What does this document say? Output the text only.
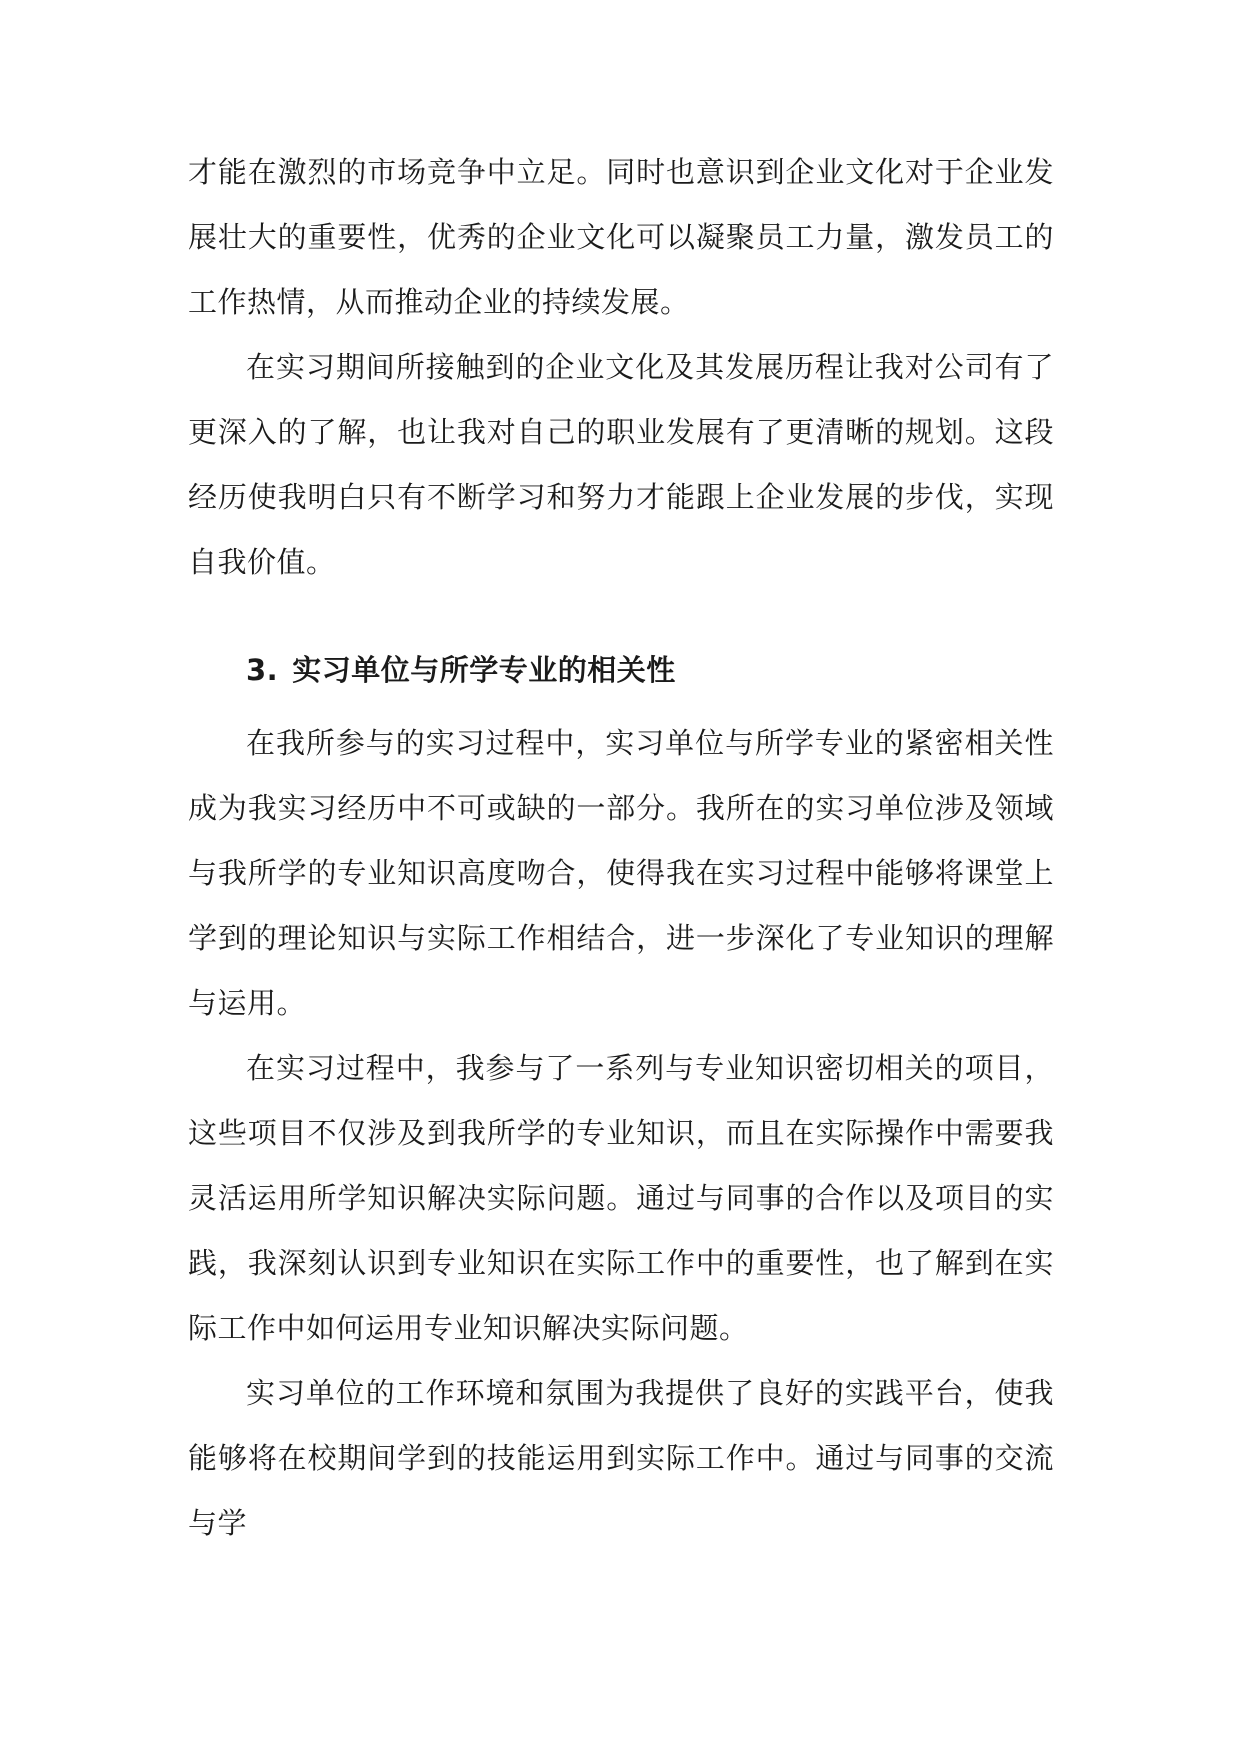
才能在激烈的市场竞争中立足。同时也意识到企业文化对于企业发展壮大的重要性，优秀的企业文化可以凝聚员工力量，激发员工的工作热情，从而推动企业的持续发展。

在实习期间所接触到的企业文化及其发展历程让我对公司有了更深入的了解，也让我对自己的职业发展有了更清晰的规划。这段经历使我明白只有不断学习和努力才能跟上企业发展的步伐，实现自我价值。

3. 实习单位与所学专业的相关性

在我所参与的实习过程中，实习单位与所学专业的紧密相关性成为我实习经历中不可或缺的一部分。我所在的实习单位涉及领域与我所学的专业知识高度吻合，使得我在实习过程中能够将课堂上学到的理论知识与实际工作相结合，进一步深化了专业知识的理解与运用。

在实习过程中，我参与了一系列与专业知识密切相关的项目，这些项目不仅涉及到我所学的专业知识，而且在实际操作中需要我灵活运用所学知识解决实际问题。通过与同事的合作以及项目的实践，我深刻认识到专业知识在实际工作中的重要性，也了解到在实际工作中如何运用专业知识解决实际问题。

实习单位的工作环境和氛围为我提供了良好的实践平台，使我能够将在校期间学到的技能运用到实际工作中。通过与同事的交流与学
